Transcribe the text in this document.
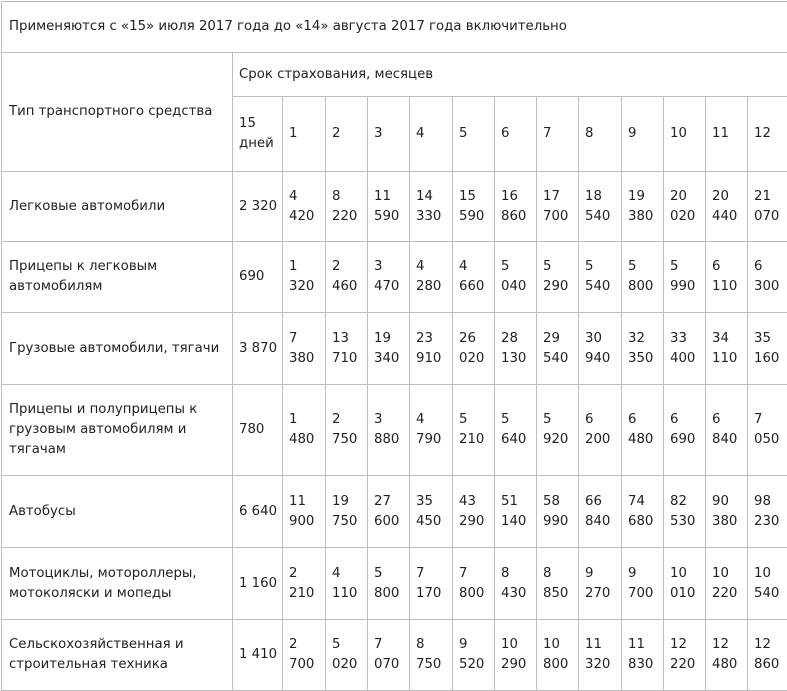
Применяются с «15» июля 2017 года до «14» августа 2017 года включительно													
Тип транспортного средства	Срок страхования, месяцев												
	15 дней	1	2	3	4	5	6	7	8	9	10	11	12
Легковые автомобили	2 320	4 420	8 220	11 590	14 330	15 590	16 860	17 700	18 540	19 380	20 020	20 440	21 070
Прицепы к легковым автомобилям	690	1 320	2 460	3 470	4 280	4 660	5 040	5 290	5 540	5 800	5 990	6 110	6 300
Грузовые автомобили, тягачи	3 870	7 380	13 710	19 340	23 910	26 020	28 130	29 540	30 940	32 350	33 400	34 110	35 160
Прицепы и полуприцепы к грузовым автомобилям и тягачам	780	1 480	2 750	3 880	4 790	5 210	5 640	5 920	6 200	6 480	6 690	6 840	7 050
Автобусы	6 640	11 900	19 750	27 600	35 450	43 290	51 140	58 990	66 840	74 680	82 530	90 380	98 230
Мотоциклы, мотороллеры, мотоколяски и мопеды	1 160	2 210	4 110	5 800	7 170	7 800	8 430	8 850	9 270	9 700	10 010	10 220	10 540
Сельскохозяйственная и строительная техника	1 410	2 700	5 020	7 070	8 750	9 520	10 290	10 800	11 320	11 830	12 220	12 480	12 860
